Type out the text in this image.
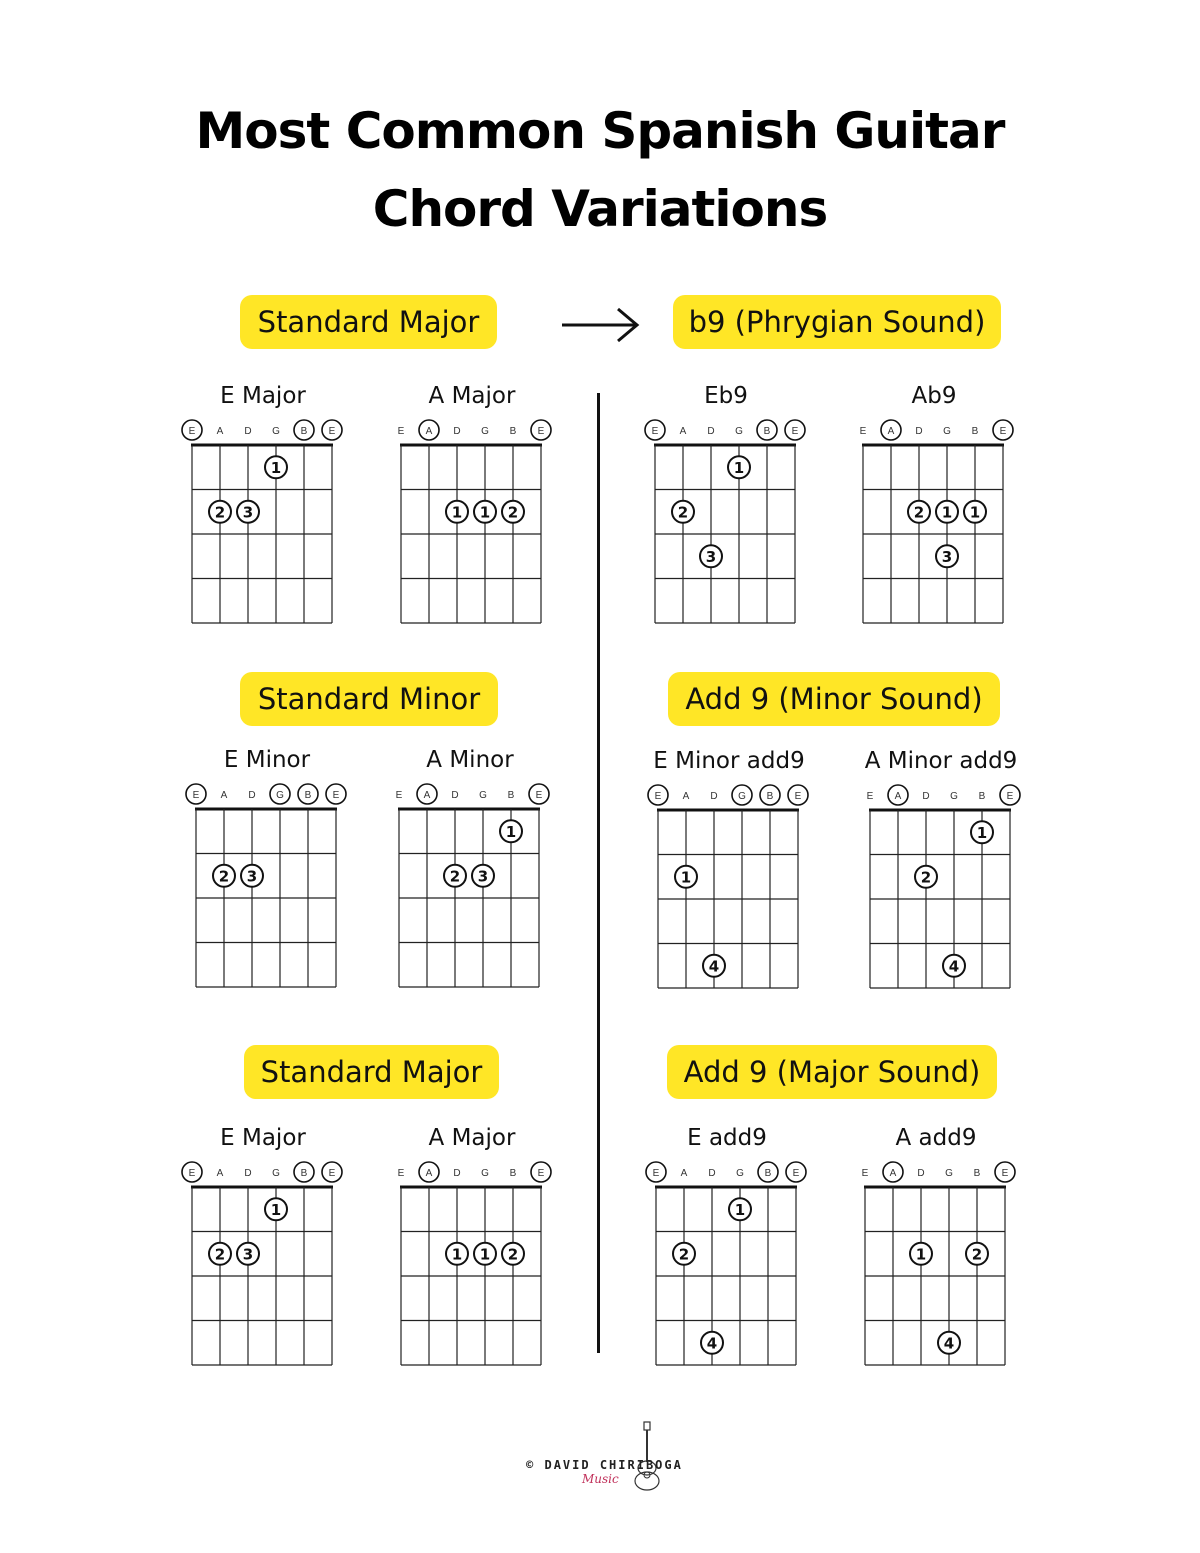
Most Common Spanish Guitar
Chord Variations
Standard Major	b9 (Phrygian Sound)
Standard Minor	Add 9 (Minor Sound)
Standard Major	Add 9 (Major Sound)
E Major
E A D G B E
1
2 3
A Major
E A D G B E
1 1 2
Eb9
E A D G B E
1
2
3
Ab9
E A D G B E
2 1 1
3
E Minor
E A D G B E
2 3
A Minor
E A D G B E
1
2 3
E Minor add9
E A D G B E
1
4
A Minor add9
E A D G B E
1
2
4
E Major
E A D G B E
1
2 3
A Major
E A D G B E
1 1 2
E add9
E A D G B E
1
2
4
A add9
E A D G B E
1	2
4
© DAVID CHIRIBOGA
Music
